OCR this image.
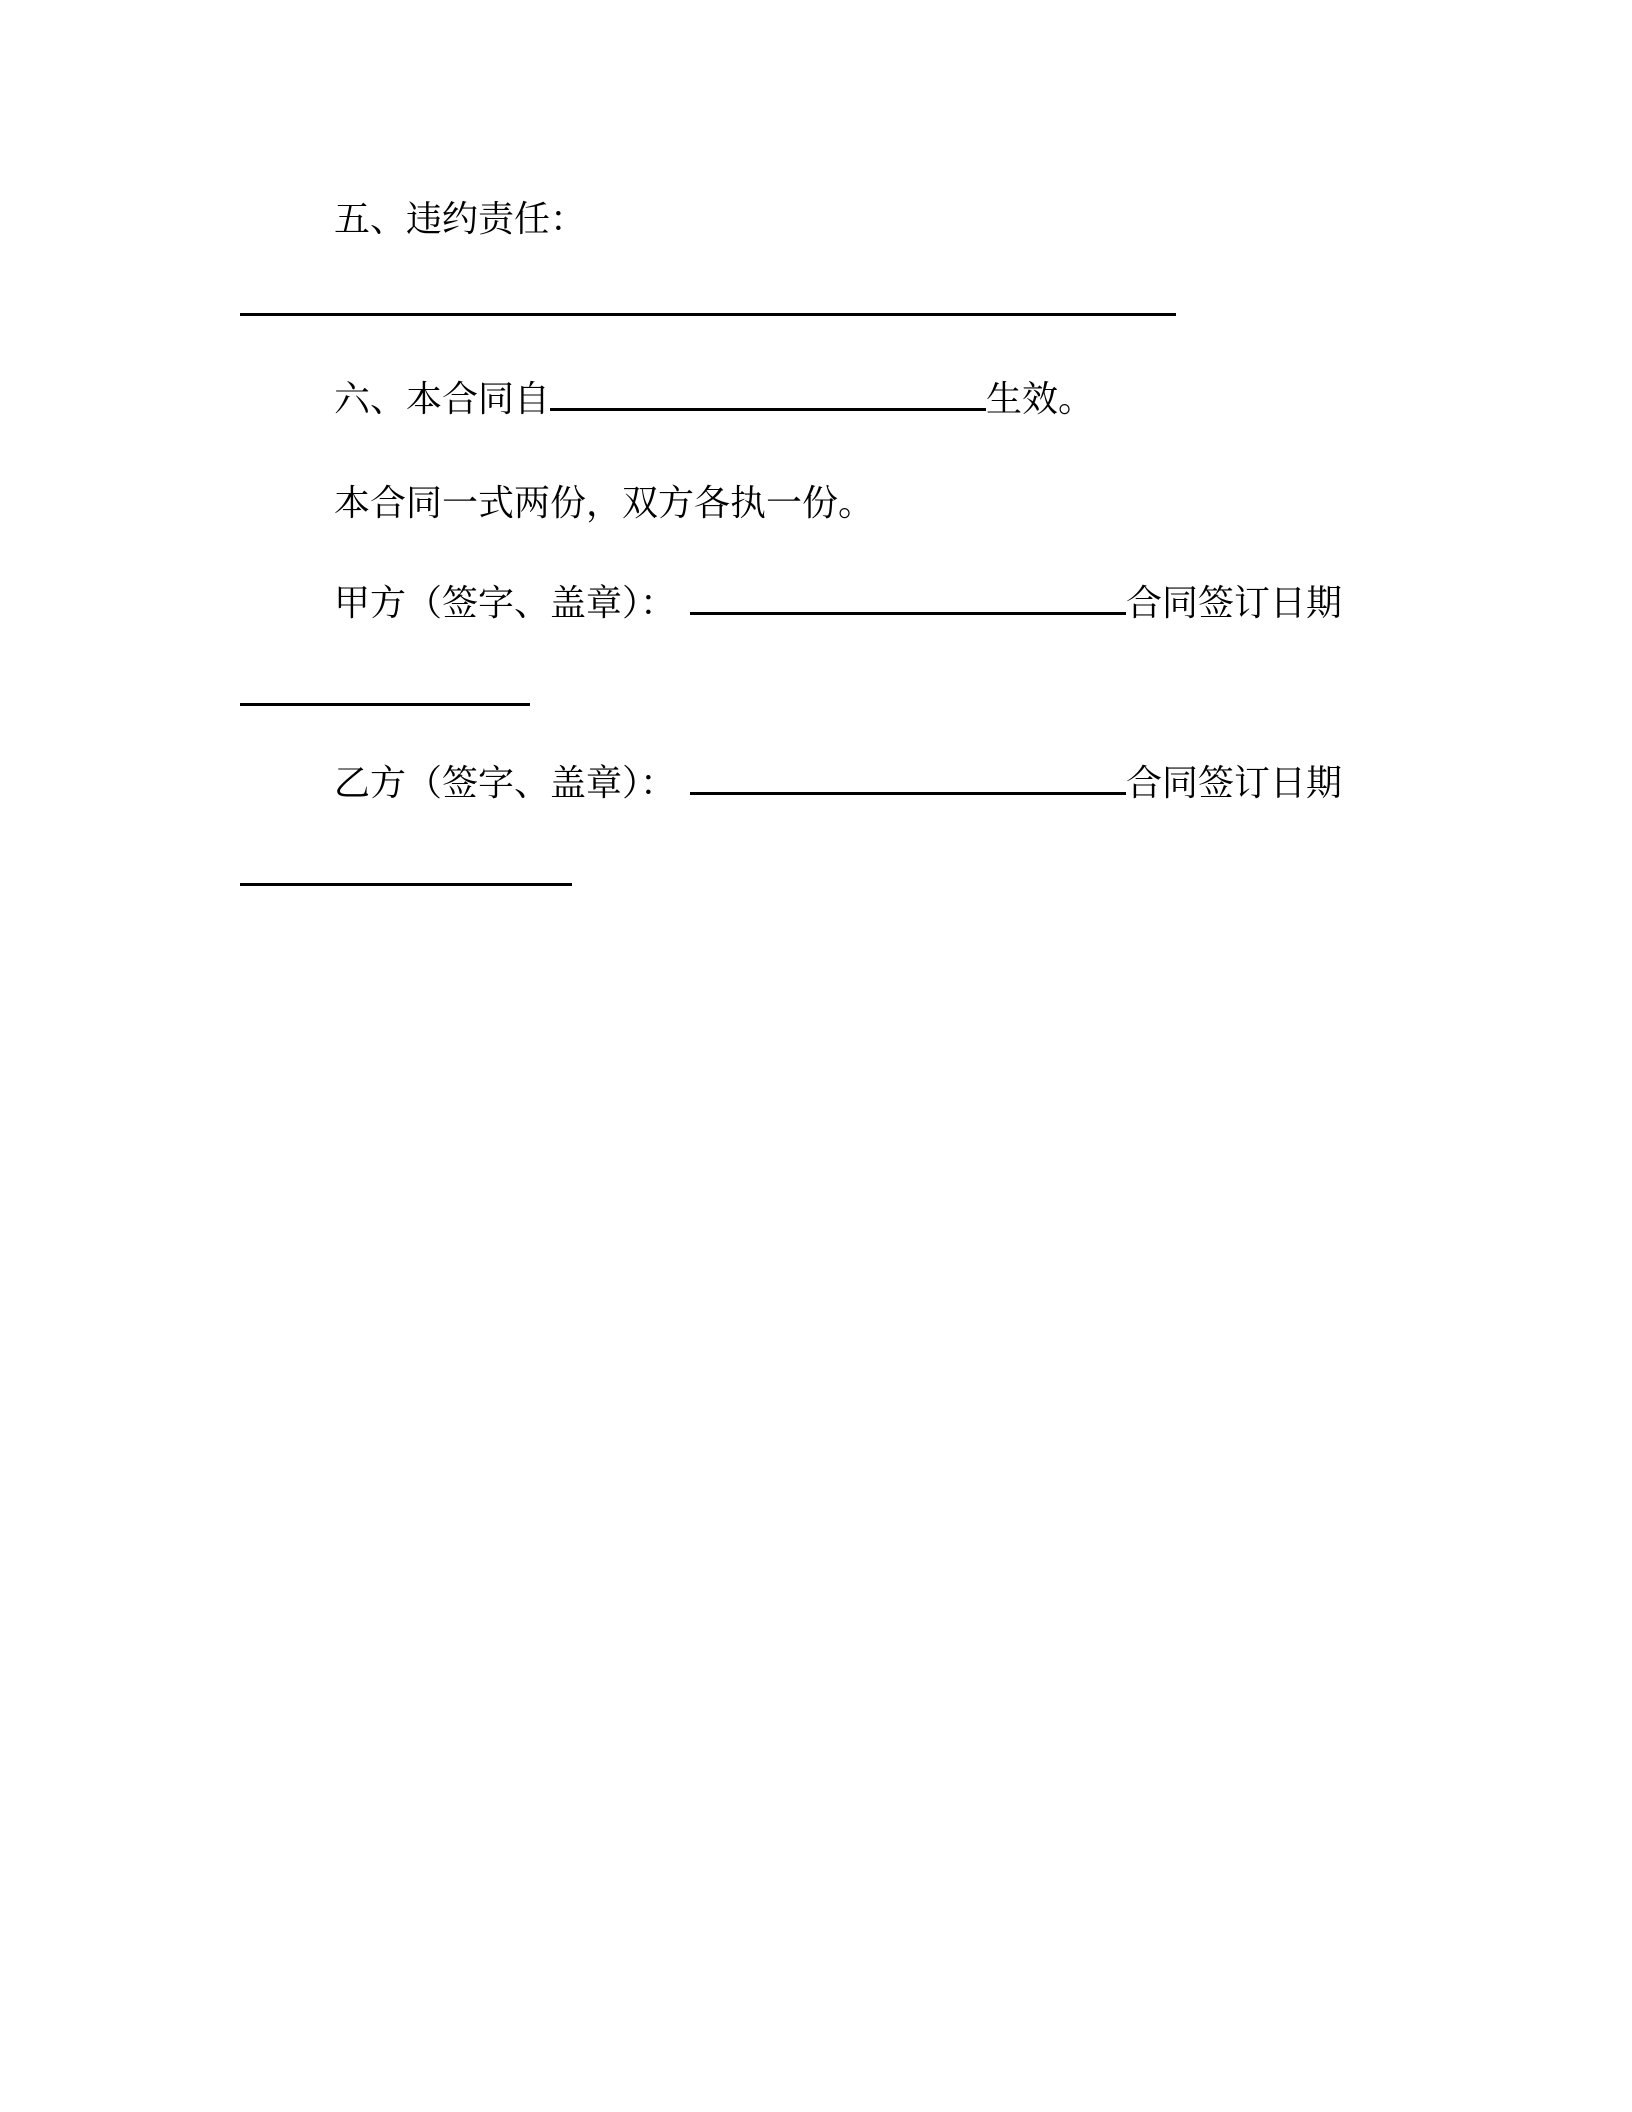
五、违约责任：
六、本合同自	生效。
本合同一式两份，双方各执一份。
甲方（签字、盖章）：	合同签订日期
乙方（签字、盖章）：	合同签订日期
